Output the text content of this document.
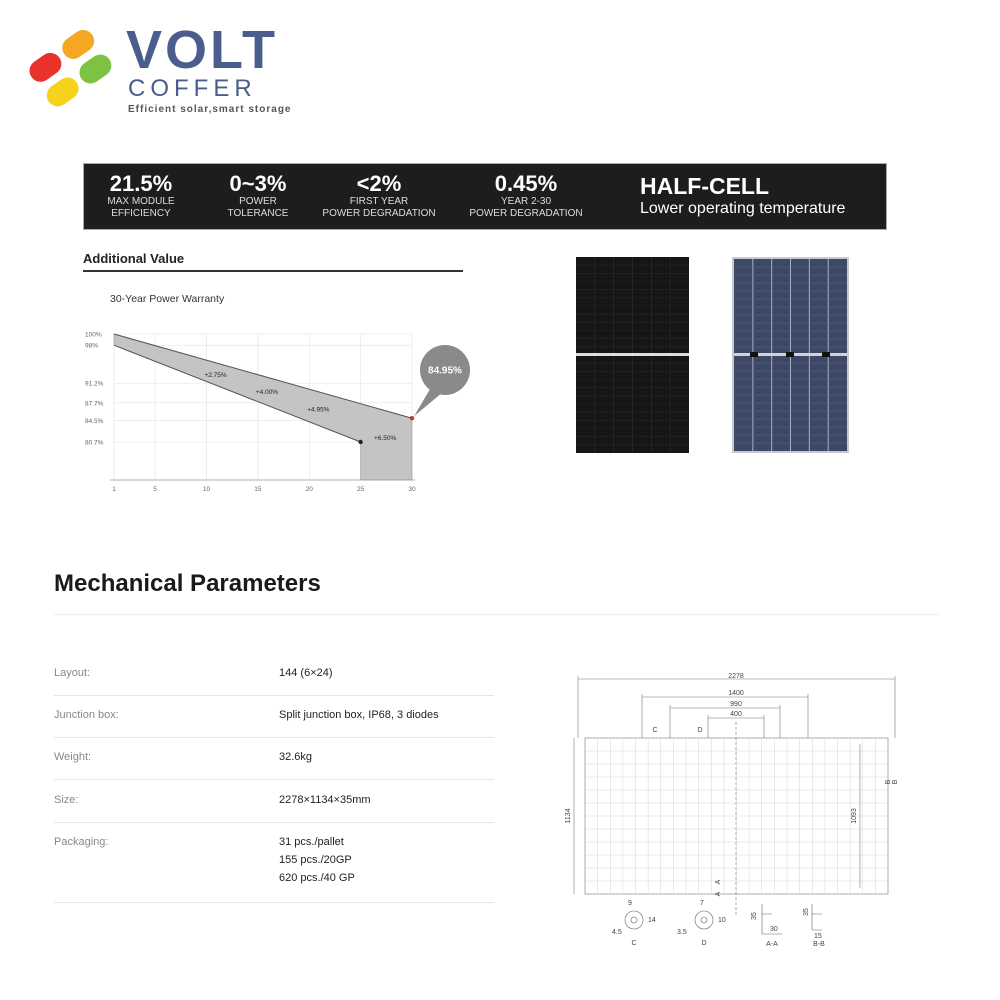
VOLT
COFFER
Efficient solar,smart storage
21.5%
MAX MODULE
EFFICIENCY
0~3%
POWER
TOLERANCE
<2%
FIRST YEAR
POWER DEGRADATION
0.45%
YEAR 2-30
POWER DEGRADATION
HALF-CELL
Lower operating temperature
Additional Value
30-Year Power Warranty
100%
98%
91.2%
87.7%
84.5%
80.7%
1	5	10	15	20	25	30
+2.75%
+4.00%
+4.95%
+6.50%
84.95%
Mechanical Parameters
Layout:	144 (6×24)
Junction box:	Split junction box, IP68, 3 diodes
Weight:	32.6kg
Size:	2278×1134×35mm
Packaging:	31 pcs./pallet
155 pcs./20GP
620 pcs./40 GP
2278
1400
990
400
1134	1093
C	D
A
A
B B
9
14
4.5
7
10
3.5
35
30
35
15
C	D	A-A	B-B
